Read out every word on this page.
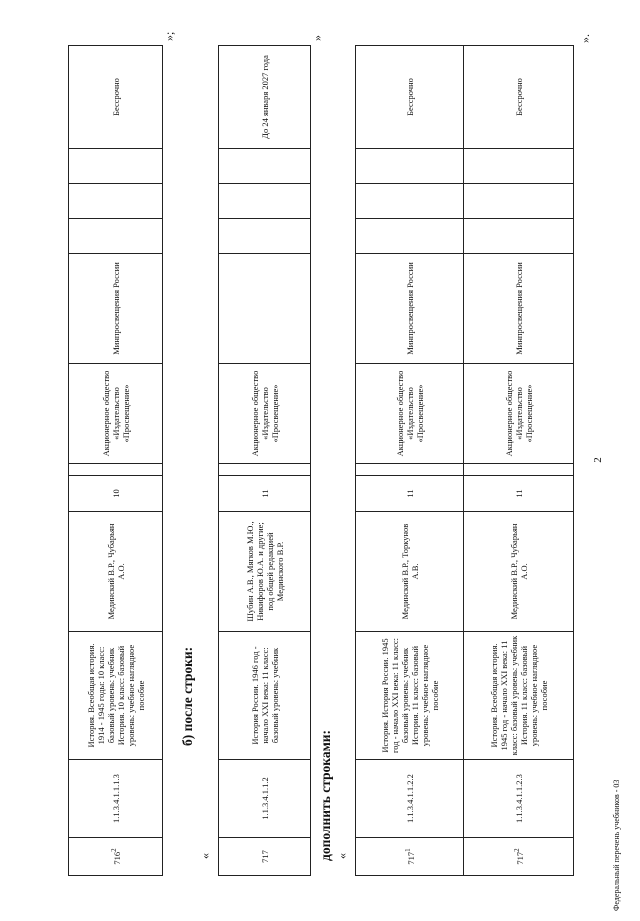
2
$716^2$	1.1.3.4.1.1.1.3	История. Всеобщая история. 1914 - 1945 годы: 10 класс: базовый уровень: учебник История. 10 класс: базовый уровень: учебное наглядное пособие	Мединский В.Р., Чубарьян А.О.	10		Акционерное общество «Издательство «Просвещение»	Минпросвещения России				Бессрочно
»;
б) после строки:
«	717	1.1.3.4.1.1.2	История России. 1946 год - начало XXI века: 11 класс: базовый уровень: учебник	Шубин А.В., Мягков М.Ю., Никифоров Ю.А. и другие; под общей редакцией Мединского В.Р.	11		Акционерное общество «Издательство «Просвещение»					До 24 января 2027 года
»
дополнить строками: «	$717^1$	1.1.3.4.1.1.2.2	История. История России. 1945 год - начало XXI века: 11 класс: базовый уровень: учебник История. 11 класс: базовый уровень: учебное наглядное пособие	Мединский В.Р., Торкунов А.В.	11		Акционерное общество «Издательство «Просвещение»	Минпросвещения России				Бессрочно
$717^2$	1.1.3.4.1.1.2.3	История. Всеобщая история. 1945 год - начало XXI века: 11 класс: базовый уровень: учебник История. 11 класс: базовый уровень: учебное наглядное пособие	Мединский В.Р., Чубарьян А.О.	11		Акционерное общество «Издательство «Просвещение»	Минпросвещения России				Бессрочно
».
Федеральный перечень учебников - 03
